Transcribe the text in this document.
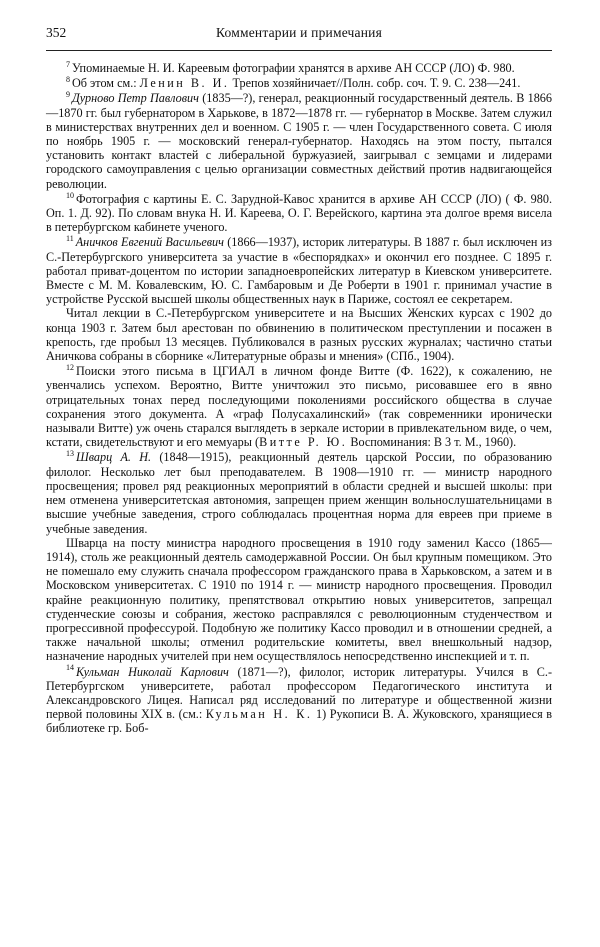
352	Комментарии и примечания

$^7$ Упоминаемые Н. И. Кареевым фотографии хранятся в архиве АН СССР (ЛО) Ф. 980.

$^8$ Об этом см.: Ленин В. И. Трепов хозяйничает//Полн. собр. соч. Т. 9. С. 238—241.

$^9$ Дурново Петр Павлович (1835—?), генерал, реакционный государственный деятель. В 1866—1870 гг. был губернатором в Харькове, в 1872—1878 гг. — губернатор в Москве. Затем служил в министерствах внутренних дел и военном. С 1905 г. — член Государственного совета. С июля по ноябрь 1905 г. — московский генерал-губернатор. Находясь на этом посту, пытался установить контакт властей с либеральной буржуазией, заигрывал с земцами и лидерами городского самоуправления с целью организации совместных действий против надвигающейся революции.

$^{10}$ Фотография с картины Е. С. Зарудной-Кавос хранится в архиве АН СССР (ЛО) ( Ф. 980. Оп. 1. Д. 92). По словам внука Н. И. Кареева, О. Г. Верейского, картина эта долгое время висела в петербургском кабинете ученого.

$^{11}$ Аничков Евгений Васильевич (1866—1937), историк литературы. В 1887 г. был исключен из С.-Петербургского университета за участие в «беспорядках» и окончил его позднее. С 1895 г. работал приват-доцентом по истории западноевропейских литератур в Киевском университете. Вместе с М. М. Ковалевским, Ю. С. Гамбаровым и Де Роберти в 1901 г. принимал участие в устройстве Русской высшей школы общественных наук в Париже, состоял ее секретарем.

Читал лекции в С.-Петербургском университете и на Высших Женских курсах с 1902 до конца 1903 г. Затем был арестован по обвинению в политическом преступлении и посажен в крепость, где пробыл 13 месяцев. Публиковался в разных русских журналах; частично статьи Аничкова собраны в сборнике «Литературные образы и мнения» (СПб., 1904).

$^{12}$ Поиски этого письма в ЦГИАЛ в личном фонде Витте (Ф. 1622), к сожалению, не увенчались успехом. Вероятно, Витте уничтожил это письмо, рисовавшее его в явно отрицательных тонах перед последующими поколениями российского общества в случае сохранения этого документа. А «граф Полусахалинский» (так современники иронически называли Витте) уж очень старался выглядеть в зеркале истории в привлекательном виде, о чем, кстати, свидетельствуют и его мемуары (Витте Р. Ю. Воспоминания: В 3 т. М., 1960).

$^{13}$ Шварц А. Н. (1848—1915), реакционный деятель царской России, по образованию филолог. Несколько лет был преподавателем. В 1908—1910 гг. — министр народного просвещения; провел ряд реакционных мероприятий в области средней и высшей школы: при нем отменена университетская автономия, запрещен прием женщин вольнослушательницами в высшие учебные заведения, строго соблюдалась процентная норма для евреев при приеме в учебные заведения.

Шварца на посту министра народного просвещения в 1910 году заменил Кассо (1865—1914), столь же реакционный деятель самодержавной России. Он был крупным помещиком. Это не помешало ему служить сначала профессором гражданского права в Харьковском, а затем и в Московском университетах. С 1910 по 1914 г. — министр народного просвещения. Проводил крайне реакционную политику, препятствовал открытию новых университетов, запрещал студенческие союзы и собрания, жестоко расправлялся с революционным студенчеством и прогрессивной профессурой. Подобную же политику Кассо проводил и в отношении средней, а также начальной школы; отменил родительские комитеты, ввел внешкольный надзор, назначение народных учителей при нем осуществлялось непосредственно инспекцией и т. п.

$^{14}$ Кульман Николай Карлович (1871—?), филолог, историк литературы. Учился в С.-Петербургском университете, работал профессором Педагогического института и Александровского Лицея. Написал ряд исследований по литературе и общественной жизни первой половины XIX в. (см.: Кульман Н. К. 1) Рукописи В. А. Жуковского, хранящиеся в библиотеке гр. Боб-
